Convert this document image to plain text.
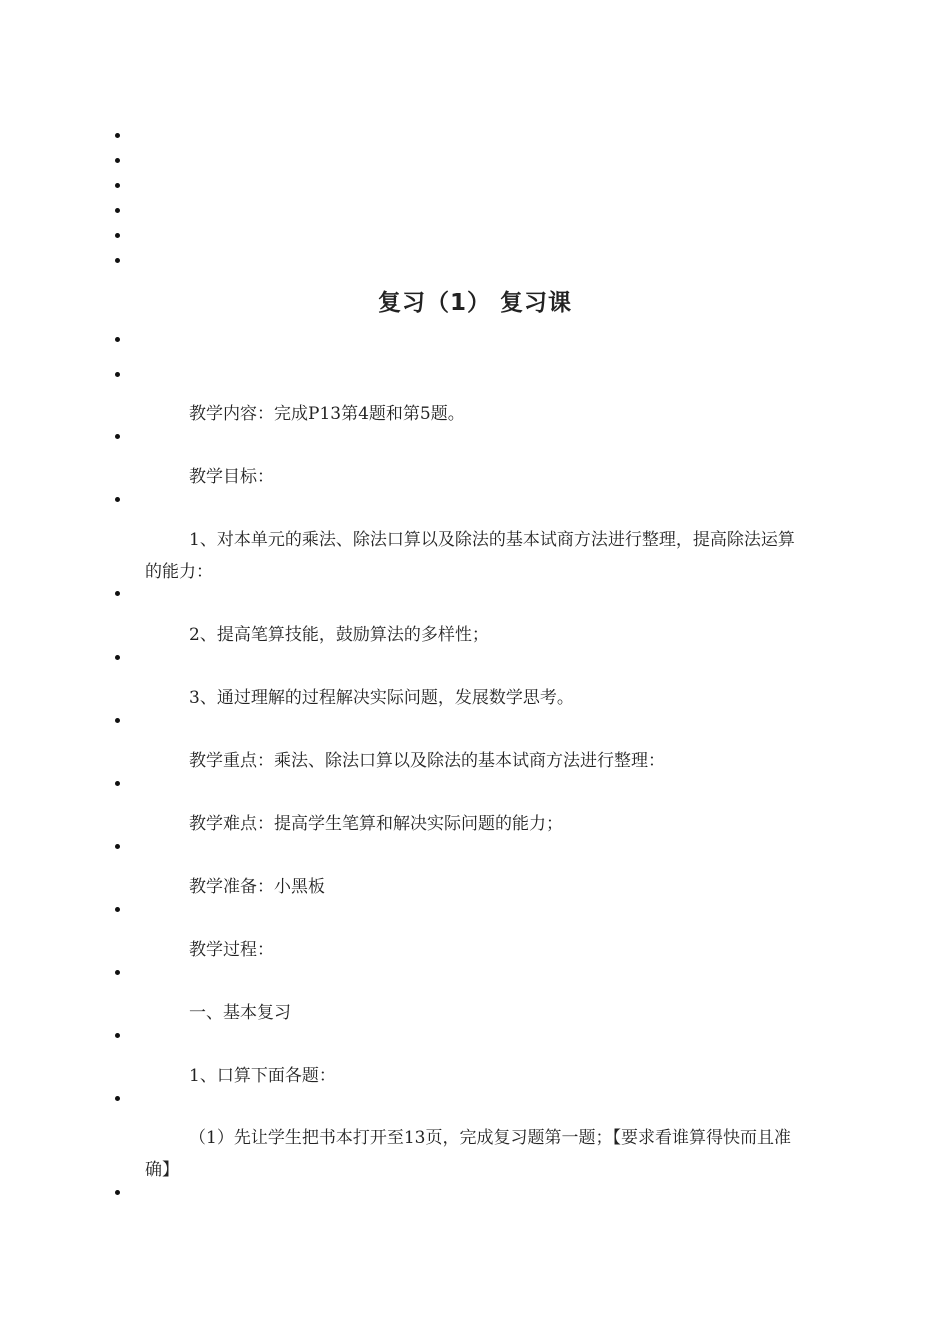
复习（1） 复习课
教学内容：完成P13第4题和第5题。
教学目标：
1、对本单元的乘法、除法口算以及除法的基本试商方法进行整理，提高除法运算的能力：
2、提高笔算技能，鼓励算法的多样性；
3、通过理解的过程解决实际问题，发展数学思考。
教学重点：乘法、除法口算以及除法的基本试商方法进行整理：
教学难点：提高学生笔算和解决实际问题的能力；
教学准备：小黑板
教学过程：
一、基本复习
1、口算下面各题：
（1）先让学生把书本打开至13页，完成复习题第一题；【要求看谁算得快而且准确】
